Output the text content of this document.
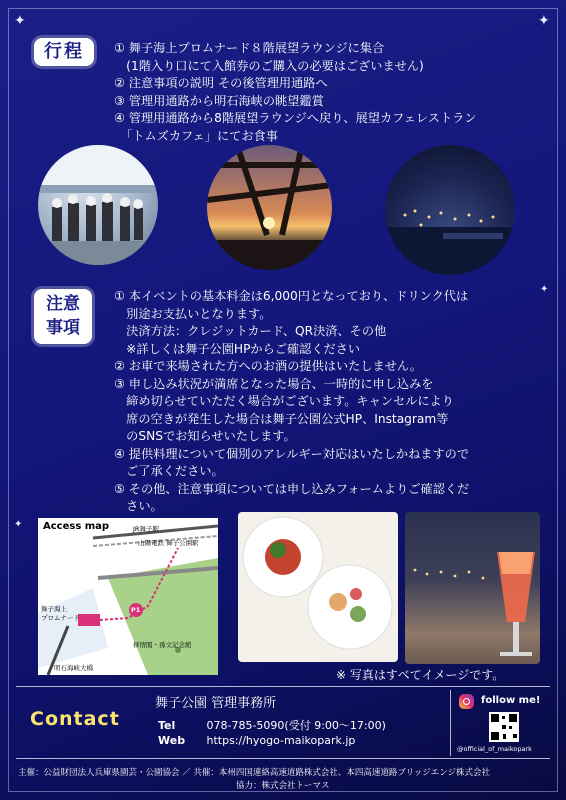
✦	✦
✦
✦
行程	① 舞子海上プロムナード８階展望ラウンジに集合
　(1階入り口にて入館券のご購入の必要はございません)
② 注意事項の説明 その後管理用通路へ
③ 管理用通路から明石海峡の眺望鑑賞
④ 管理用通路から8階展望ラウンジへ戻り、展望カフェレストラン
　「トムズカフェ」にてお食事
注意
事項
① 本イベントの基本料金は6,000円となっており、ドリンク代は
　別途お支払いとなります。
　決済方法：クレジットカード、QR決済、その他
　※詳しくは舞子公園HPからご確認ください
② お車で来場された方へのお酒の提供はいたしません。
③ 申し込み状況が満席となった場合、一時的に申し込みを
　締め切らせていただく場合がございます。キャンセルにより
　席の空きが発生した場合は舞子公園公式HP、Instagram等
　のSNSでお知らせいたします。
④ 提供料理について個別のアレルギー対応はいたしかねますので
　ご了承ください。
⑤ その他、注意事項については申し込みフォームよりご確認くだ
　さい。
Access map	JR舞子駅
山陽電鉄 舞子公園駅
舞子海上
プロムナード
P1
移情閣・孫文記念館
明石海峡大橋	※ 写真はすべてイメージです。
Contact
舞子公園 管理事務所
Tel	078-785-5090(受付 9:00～17:00)
Web https://hyogo-maikopark.jp
follow me!
@official_of_maikopark
主催：公益財団法人兵庫県園芸・公園協会 ／ 共催：本州四国連絡高速道路株式会社、本四高速道路ブリッジエンジ株式会社
協力：株式会社トーマス
